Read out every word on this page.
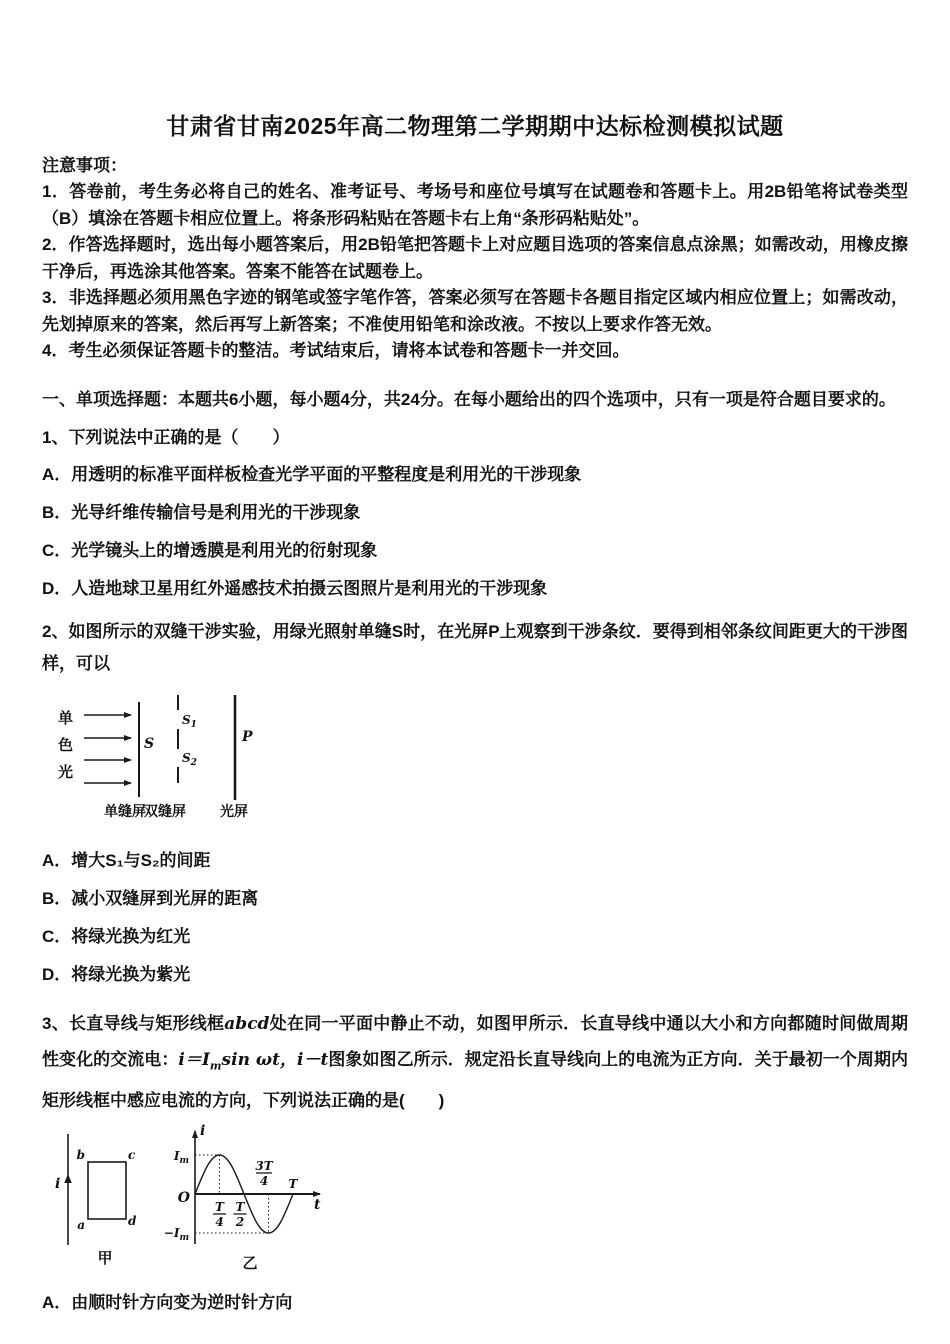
甘肃省甘南2025年高二物理第二学期期中达标检测模拟试题

注意事项：

1．答卷前，考生务必将自己的姓名、准考证号、考场号和座位号填写在试题卷和答题卡上。用2B铅笔将试卷类型（B）填涂在答题卡相应位置上。将条形码粘贴在答题卡右上角“条形码粘贴处”。

2．作答选择题时，选出每小题答案后，用2B铅笔把答题卡上对应题目选项的答案信息点涂黑；如需改动，用橡皮擦干净后，再选涂其他答案。答案不能答在试题卷上。

3．非选择题必须用黑色字迹的钢笔或签字笔作答，答案必须写在答题卡各题目指定区域内相应位置上；如需改动，先划掉原来的答案，然后再写上新答案；不准使用铅笔和涂改液。不按以上要求作答无效。

4．考生必须保证答题卡的整洁。考试结束后，请将本试卷和答题卡一并交回。

一、单项选择题：本题共6小题，每小题4分，共24分。在每小题给出的四个选项中，只有一项是符合题目要求的。

1、下列说法中正确的是（　　）

A．用透明的标准平面样板检查光学平面的平整程度是利用光的干涉现象

B．光导纤维传输信号是利用光的干涉现象

C．光学镜头上的增透膜是利用光的衍射现象

D．人造地球卫星用红外遥感技术拍摄云图照片是利用光的干涉现象

2、如图所示的双缝干涉实验，用绿光照射单缝S时，在光屏P上观察到干涉条纹．要得到相邻条纹间距更大的干涉图样，可以

单
色
光
S
$S_1$
$S_2$
P
单缝屏
双缝屏 光屏

A．增大S₁与S₂的间距

B．减小双缝屏到光屏的距离

C．将绿光换为红光

D．将绿光换为紫光

3、长直导线与矩形线框abcd处在同一平面中静止不动，如图甲所示．长直导线中通以大小和方向都随时间做周期性变化的交流电：$i=I_m\sin$ ωt，i－t图象如图乙所示．规定沿长直导线向上的电流为正方向．关于最初一个周期内矩形线框中感应电流的方向，下列说法正确的是(　　)

i
b	c
a	d
甲
i
t
O
$I_m$
$-I_m$
T
4
T
2
3T
4 T
乙

A．由顺时针方向变为逆时针方向
